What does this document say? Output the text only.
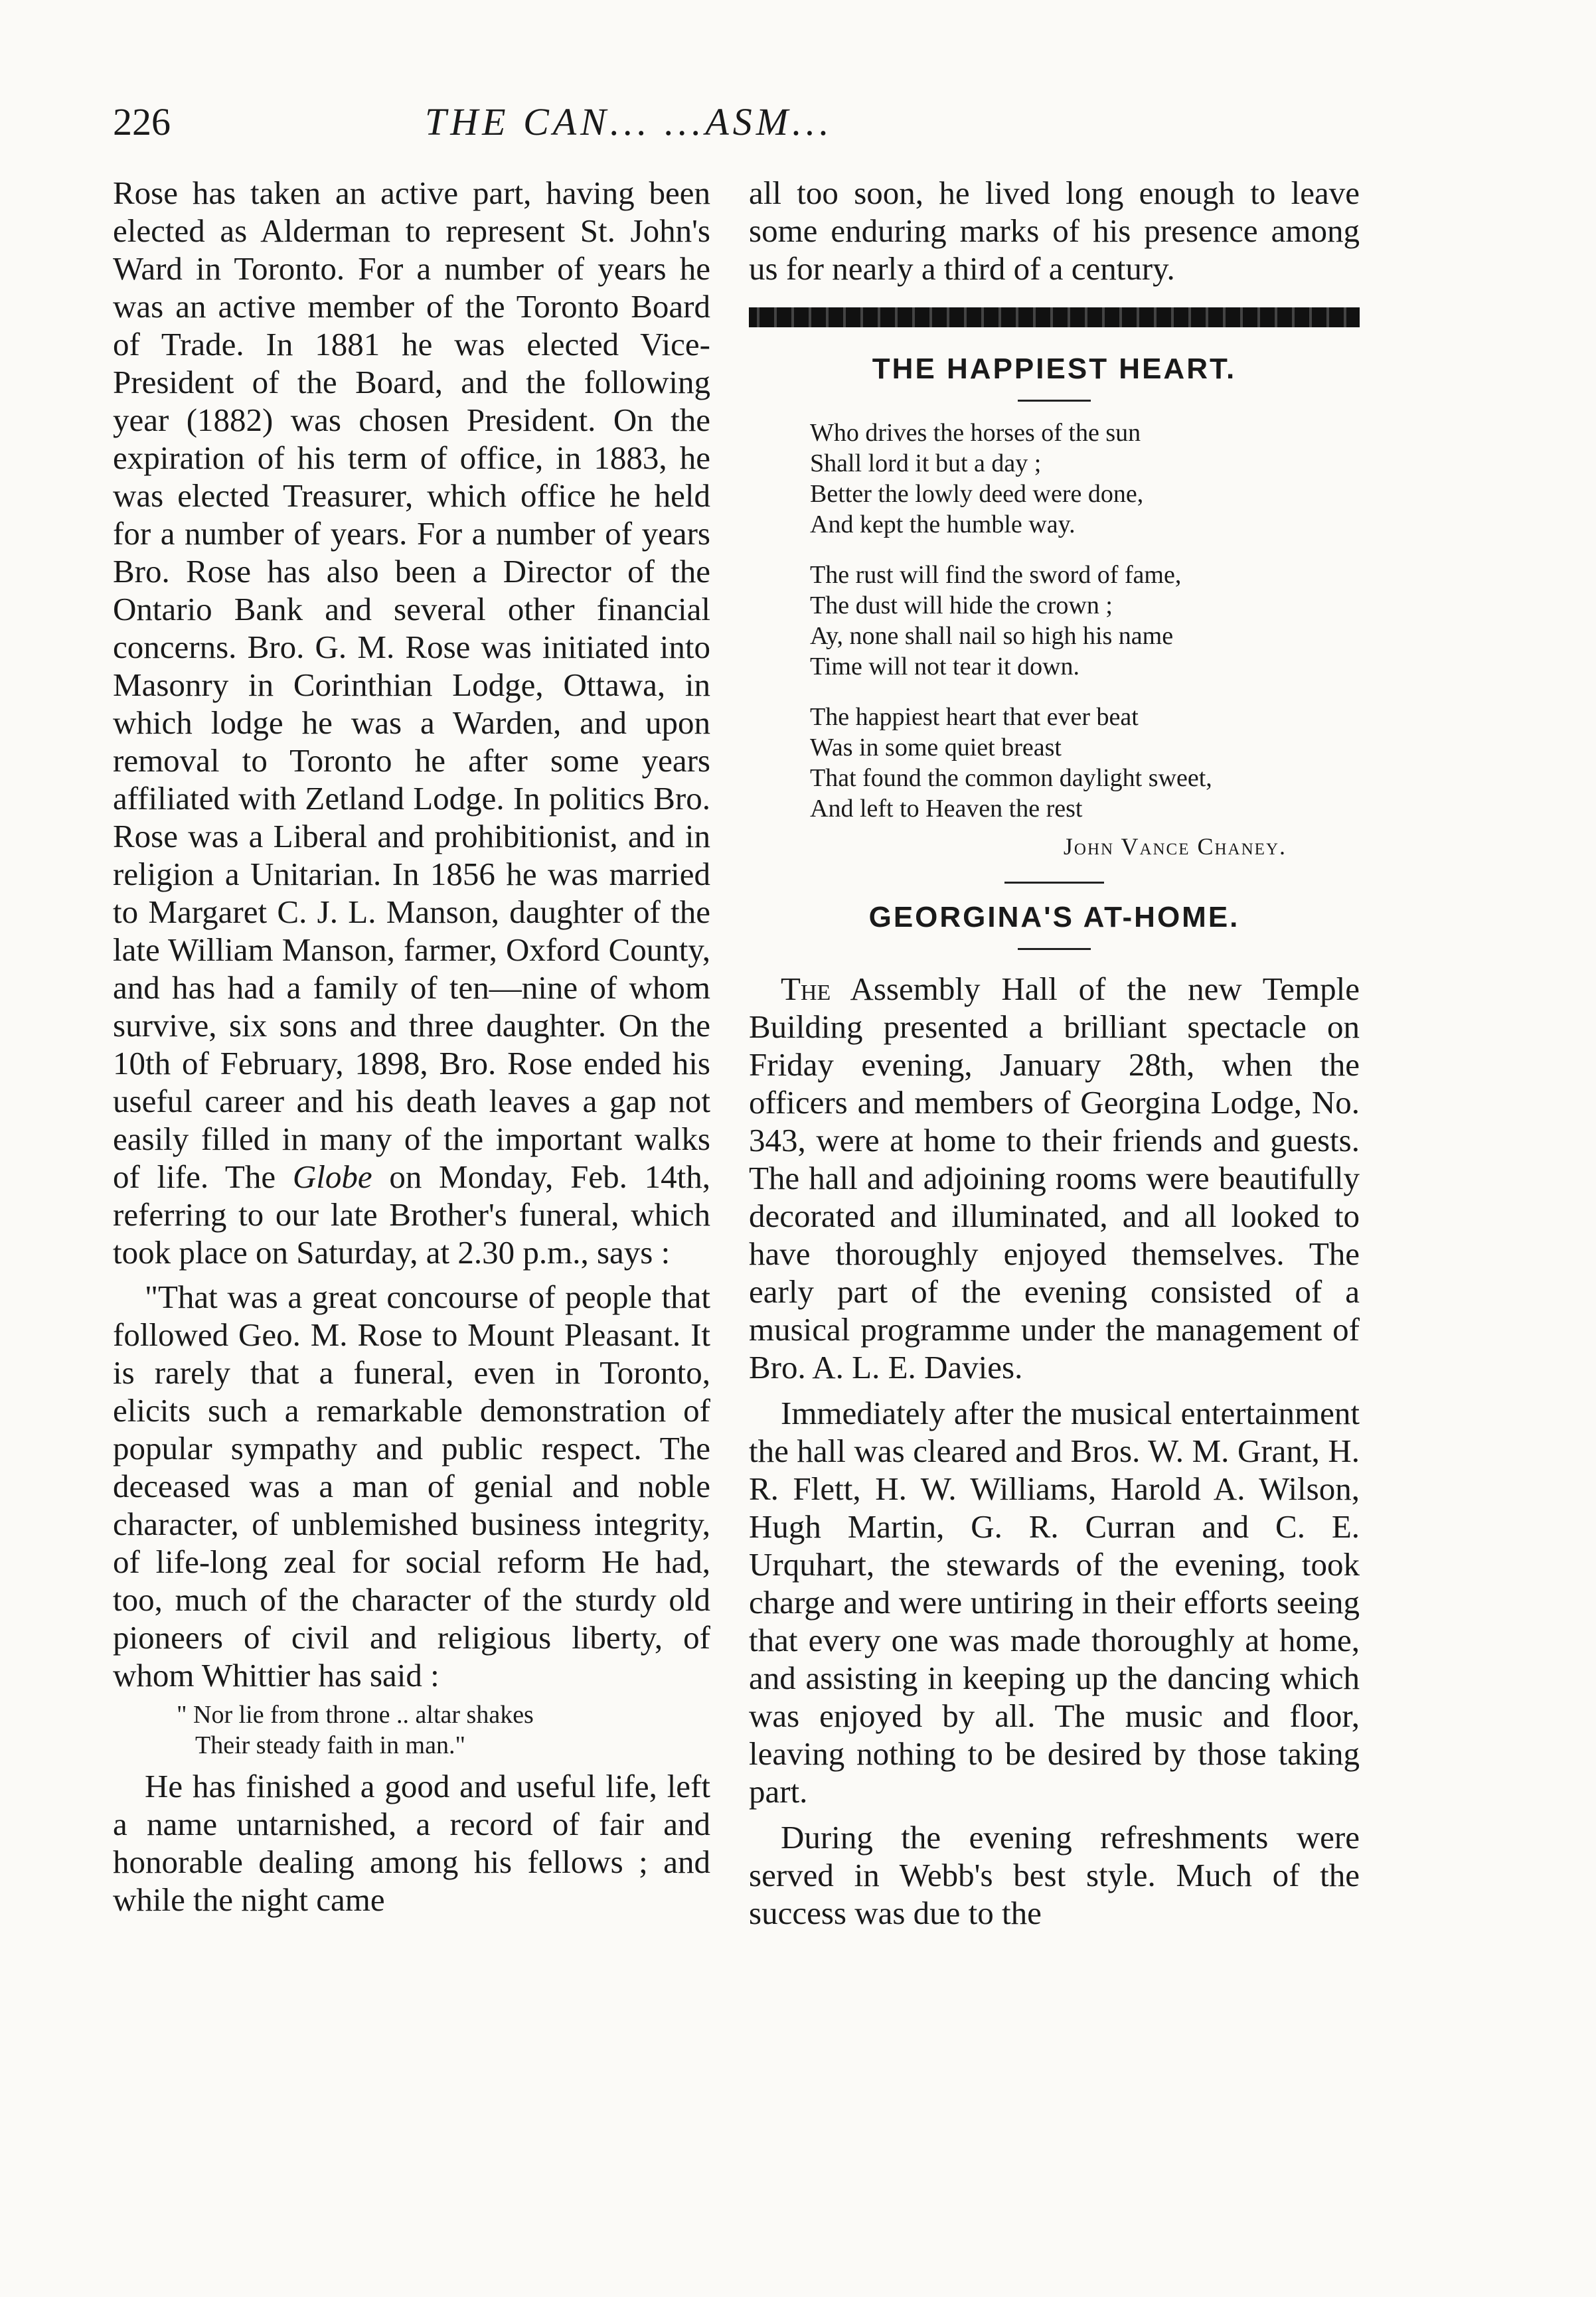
226	THE CAN... ...ASM...

Rose has taken an active part, having been elected as Alderman to represent St. John's Ward in Toronto. For a number of years he was an active member of the Toronto Board of Trade. In 1881 he was elected Vice-President of the Board, and the following year (1882) was chosen President. On the expiration of his term of office, in 1883, he was elected Treasurer, which office he held for a number of years. For a number of years Bro. Rose has also been a Director of the Ontario Bank and several other financial concerns. Bro. G. M. Rose was initiated into Masonry in Corinthian Lodge, Ottawa, in which lodge he was a Warden, and upon removal to Toronto he after some years affiliated with Zetland Lodge. In politics Bro. Rose was a Liberal and prohibitionist, and in religion a Unitarian. In 1856 he was married to Margaret C. J. L. Manson, daughter of the late William Manson, farmer, Oxford County, and has had a family of ten—nine of whom survive, six sons and three daughter. On the 10th of February, 1898, Bro. Rose ended his useful career and his death leaves a gap not easily filled in many of the important walks of life. The Globe on Monday, Feb. 14th, referring to our late Brother's funeral, which took place on Saturday, at 2.30 p.m., says :

"That was a great concourse of people that followed Geo. M. Rose to Mount Pleasant. It is rarely that a funeral, even in Toronto, elicits such a remarkable demonstration of popular sympathy and public respect. The deceased was a man of genial and noble character, of unblemished business integrity, of life-long zeal for social reform He had, too, much of the character of the sturdy old pioneers of civil and religious liberty, of whom Whittier has said :

" Nor lie from throne .. altar shakes
Their steady faith in man."

He has finished a good and useful life, left a name untarnished, a record of fair and honorable dealing among his fellows ; and while the night came

all too soon, he lived long enough to leave some enduring marks of his presence among us for nearly a third of a century.

THE HAPPIEST HEART.
Who drives the horses of the sun
Shall lord it but a day ;
Better the lowly deed were done,
And kept the humble way.
The rust will find the sword of fame,
The dust will hide the crown ;
Ay, none shall nail so high his name
Time will not tear it down.
The happiest heart that ever beat
Was in some quiet breast
That found the common daylight sweet,
And left to Heaven the rest
John Vance Chaney.
GEORGINA'S AT-HOME.

The Assembly Hall of the new Temple Building presented a brilliant spectacle on Friday evening, January 28th, when the officers and members of Georgina Lodge, No. 343, were at home to their friends and guests. The hall and adjoining rooms were beautifully decorated and illuminated, and all looked to have thoroughly enjoyed themselves. The early part of the evening consisted of a musical programme under the management of Bro. A. L. E. Davies.

Immediately after the musical entertainment the hall was cleared and Bros. W. M. Grant, H. R. Flett, H. W. Williams, Harold A. Wilson, Hugh Martin, G. R. Curran and C. E. Urquhart, the stewards of the evening, took charge and were untiring in their efforts seeing that every one was made thoroughly at home, and assisting in keeping up the dancing which was enjoyed by all. The music and floor, leaving nothing to be desired by those taking part.

During the evening refreshments were served in Webb's best style. Much of the success was due to the
